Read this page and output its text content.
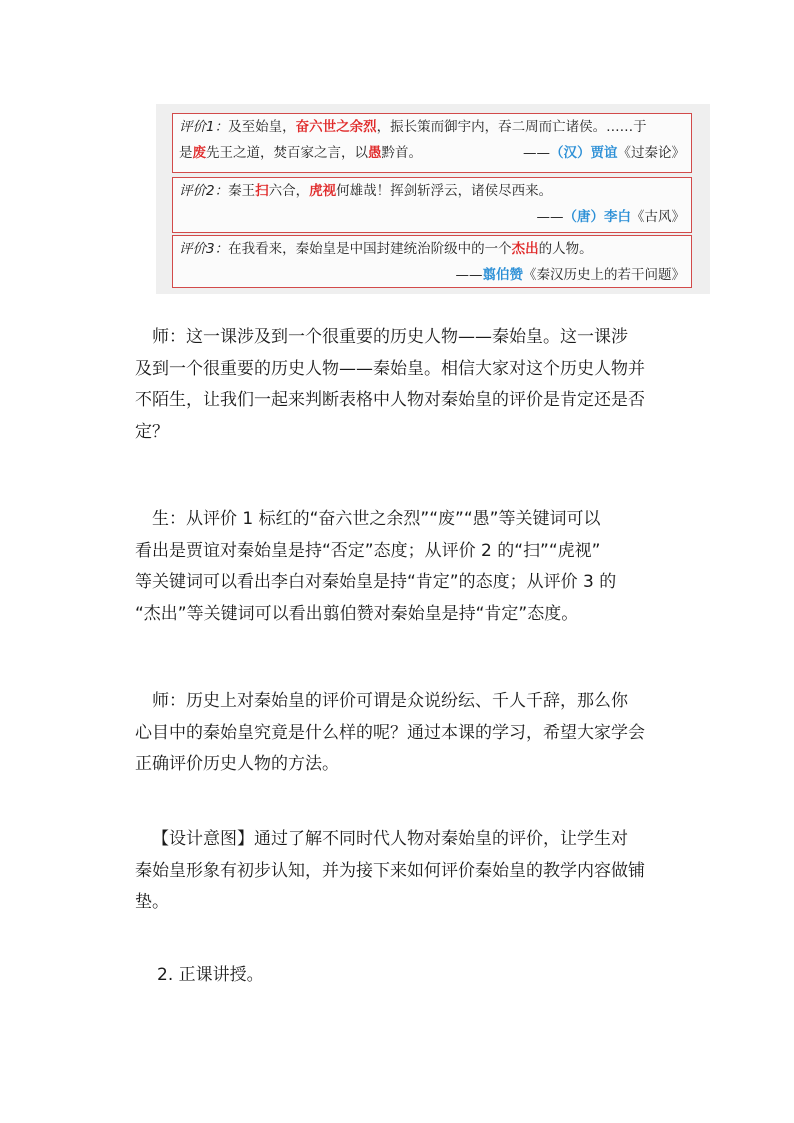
评价1：及至始皇，奋六世之余烈，振长策而御宇内，吞二周而亡诸侯。……于
是废先王之道，焚百家之言，以愚黔首。	——（汉）贾谊《过秦论》
评价2：秦王扫六合，虎视何雄哉！挥剑斩浮云，诸侯尽西来。
——（唐）李白《古风》
评价3：在我看来，秦始皇是中国封建统治阶级中的一个杰出的人物。
——翦伯赞《秦汉历史上的若干问题》
师：这一课涉及到一个很重要的历史人物——秦始皇。这一课涉
及到一个很重要的历史人物——秦始皇。相信大家对这个历史人物并
不陌生，让我们一起来判断表格中人物对秦始皇的评价是肯定还是否
定？
生：从评价 1 标红的“奋六世之余烈”“废”“愚”等关键词可以
看出是贾谊对秦始皇是持“否定”态度；从评价 2 的“扫”“虎视”
等关键词可以看出李白对秦始皇是持“肯定”的态度；从评价 3 的
“杰出”等关键词可以看出翦伯赞对秦始皇是持“肯定”态度。
师：历史上对秦始皇的评价可谓是众说纷纭、千人千辞，那么你
心目中的秦始皇究竟是什么样的呢？通过本课的学习，希望大家学会
正确评价历史人物的方法。
【设计意图】通过了解不同时代人物对秦始皇的评价，让学生对
秦始皇形象有初步认知，并为接下来如何评价秦始皇的教学内容做铺
垫。
2. 正课讲授。
